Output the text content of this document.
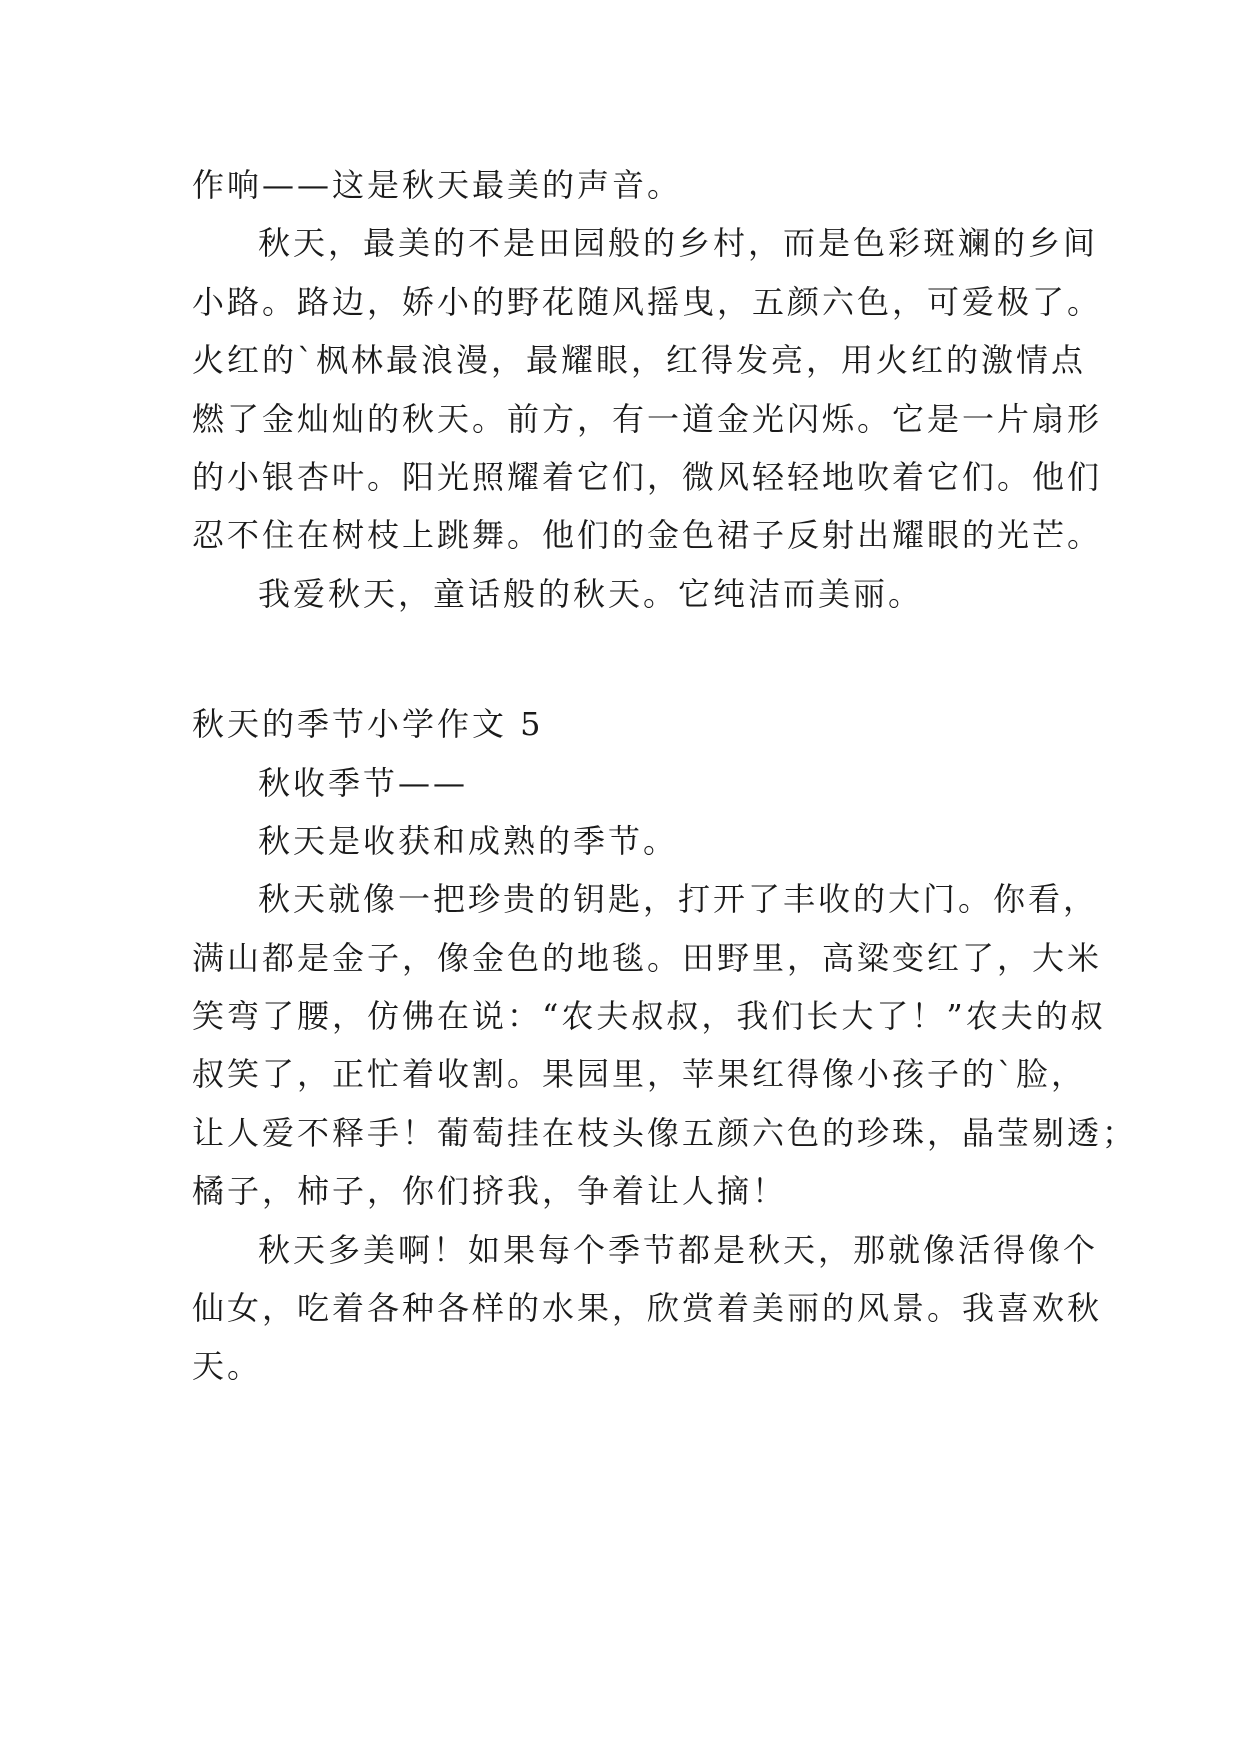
作响——这是秋天最美的声音。
秋天，最美的不是田园般的乡村，而是色彩斑斓的乡间
小路。路边，娇小的野花随风摇曳，五颜六色，可爱极了。
火红的`枫林最浪漫，最耀眼，红得发亮，用火红的激情点
燃了金灿灿的秋天。前方，有一道金光闪烁。它是一片扇形
的小银杏叶。阳光照耀着它们，微风轻轻地吹着它们。他们
忍不住在树枝上跳舞。他们的金色裙子反射出耀眼的光芒。
我爱秋天，童话般的秋天。它纯洁而美丽。
秋天的季节小学作文 5
秋收季节——
秋天是收获和成熟的季节。
秋天就像一把珍贵的钥匙，打开了丰收的大门。你看，
满山都是金子，像金色的地毯。田野里，高粱变红了，大米
笑弯了腰，仿佛在说：“农夫叔叔，我们长大了！”农夫的叔
叔笑了，正忙着收割。果园里，苹果红得像小孩子的`脸，
让人爱不释手！葡萄挂在枝头像五颜六色的珍珠，晶莹剔透；
橘子，柿子，你们挤我，争着让人摘！
秋天多美啊！如果每个季节都是秋天，那就像活得像个
仙女，吃着各种各样的水果，欣赏着美丽的风景。我喜欢秋
天。
